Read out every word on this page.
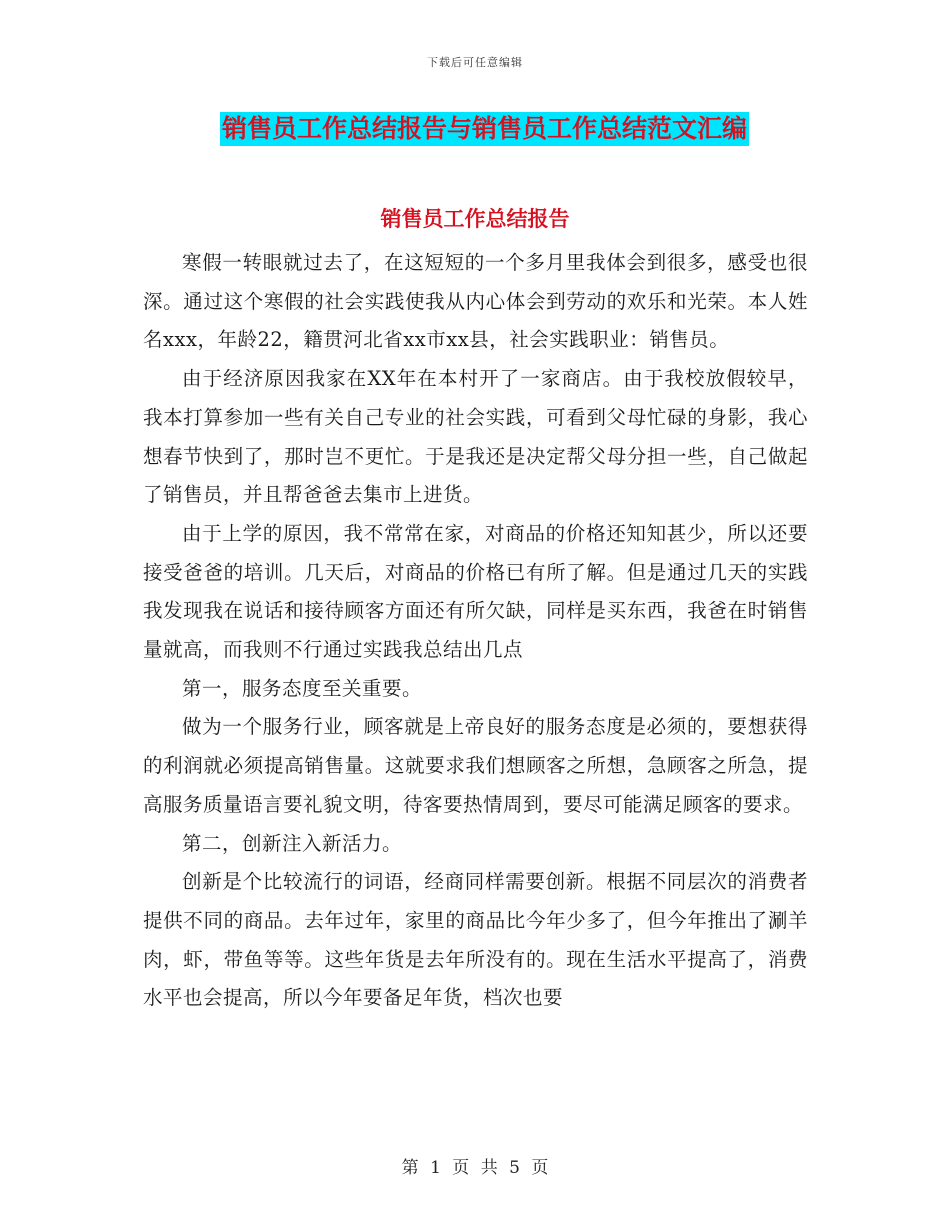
下载后可任意编辑
销售员工作总结报告与销售员工作总结范文汇编
销售员工作总结报告

寒假一转眼就过去了，在这短短的一个多月里我体会到很多，感受也很深。通过这个寒假的社会实践使我从内心体会到劳动的欢乐和光荣。本人姓名xxx，年龄22，籍贯河北省xx市xx县，社会实践职业：销售员。

由于经济原因我家在XX年在本村开了一家商店。由于我校放假较早，我本打算参加一些有关自己专业的社会实践，可看到父母忙碌的身影，我心想春节快到了，那时岂不更忙。于是我还是决定帮父母分担一些，自己做起了销售员，并且帮爸爸去集市上进货。

由于上学的原因，我不常常在家，对商品的价格还知知甚少，所以还要接受爸爸的培训。几天后，对商品的价格已有所了解。但是通过几天的实践我发现我在说话和接待顾客方面还有所欠缺，同样是买东西，我爸在时销售量就高，而我则不行通过实践我总结出几点

第一，服务态度至关重要。

做为一个服务行业，顾客就是上帝良好的服务态度是必须的，要想获得的利润就必须提高销售量。这就要求我们想顾客之所想，急顾客之所急，提高服务质量语言要礼貌文明，待客要热情周到，要尽可能满足顾客的要求。

第二，创新注入新活力。

创新是个比较流行的词语，经商同样需要创新。根据不同层次的消费者提供不同的商品。去年过年，家里的商品比今年少多了，但今年推出了涮羊肉，虾，带鱼等等。这些年货是去年所没有的。现在生活水平提高了，消费水平也会提高，所以今年要备足年货，档次也要

第 1 页 共 5 页
